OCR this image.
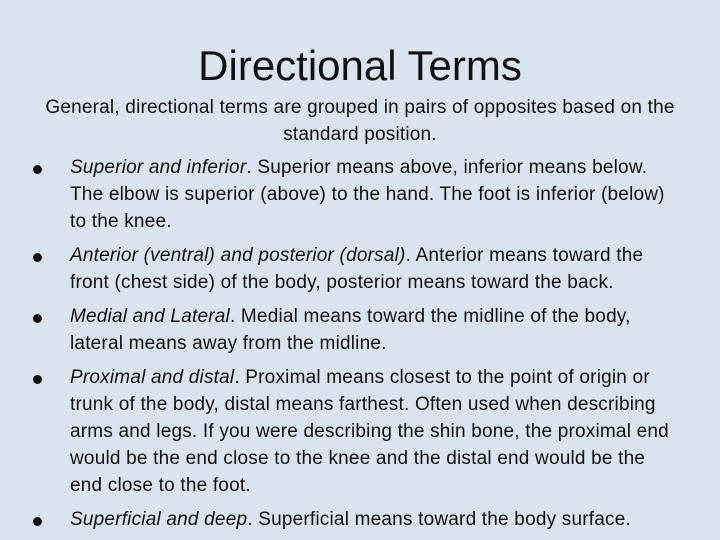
Directional Terms
General, directional terms are grouped in pairs of opposites based on the standard position.
Superior and inferior. Superior means above, inferior means below. The elbow is superior (above) to the hand. The foot is inferior (below) to the knee.
Anterior (ventral) and posterior (dorsal). Anterior means toward the front (chest side) of the body, posterior means toward the back.
Medial and Lateral. Medial means toward the midline of the body, lateral means away from the midline.
Proximal and distal. Proximal means closest to the point of origin or trunk of the body, distal means farthest. Often used when describing arms and legs. If you were describing the shin bone, the proximal end would be the end close to the knee and the distal end would be the end close to the foot.
Superficial and deep. Superficial means toward the body surface.
